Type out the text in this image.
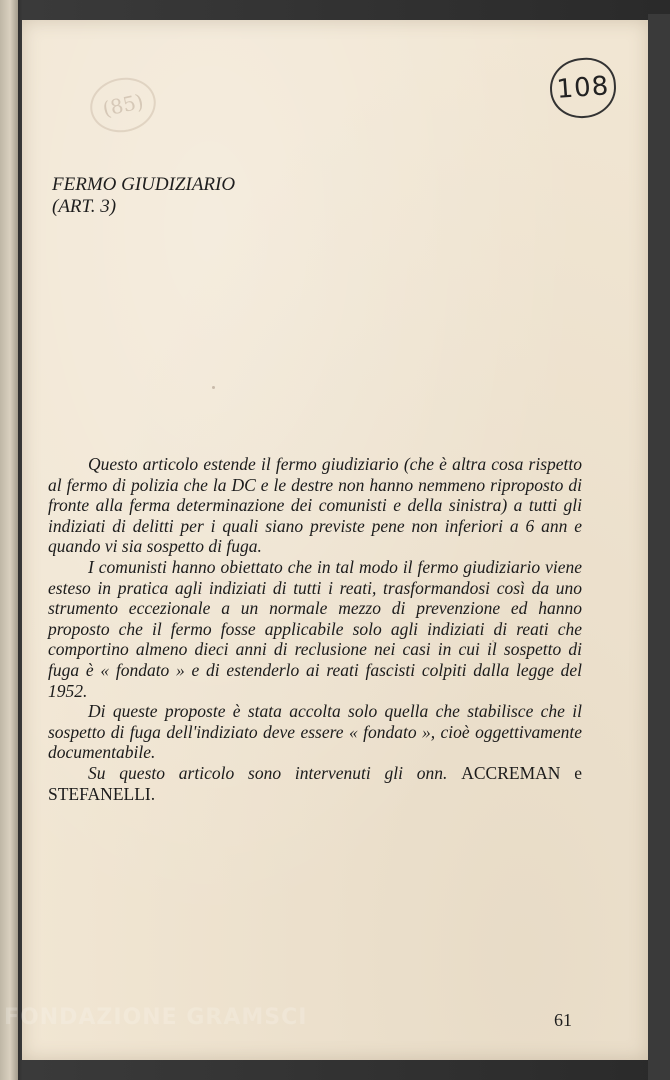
(85)
108
FERMO GIUDIZIARIO
(ART. 3)

Questo articolo estende il fermo giudiziario (che è altra cosa rispetto al fermo di polizia che la DC e le destre non hanno nemmeno riproposto di fronte alla ferma determinazione dei comunisti e della sinistra) a tutti gli indiziati di delitti per i quali siano previste pene non inferiori a 6 ann e quando vi sia sospetto di fuga.

I comunisti hanno obiettato che in tal modo il fermo giudiziario viene esteso in pratica agli indiziati di tutti i reati, trasformandosi così da uno strumento eccezionale a un normale mezzo di prevenzione ed hanno proposto che il fermo fosse applicabile solo agli indiziati di reati che comportino almeno dieci anni di reclusione nei casi in cui il sospetto di fuga è « fondato » e di estenderlo ai reati fascisti colpiti dalla legge del 1952.

Di queste proposte è stata accolta solo quella che stabilisce che il sospetto di fuga dell'indiziato deve essere « fondato », cioè oggettivamente documentabile.

Su questo articolo sono intervenuti gli onn. ACCREMAN e STEFANELLI.

61
